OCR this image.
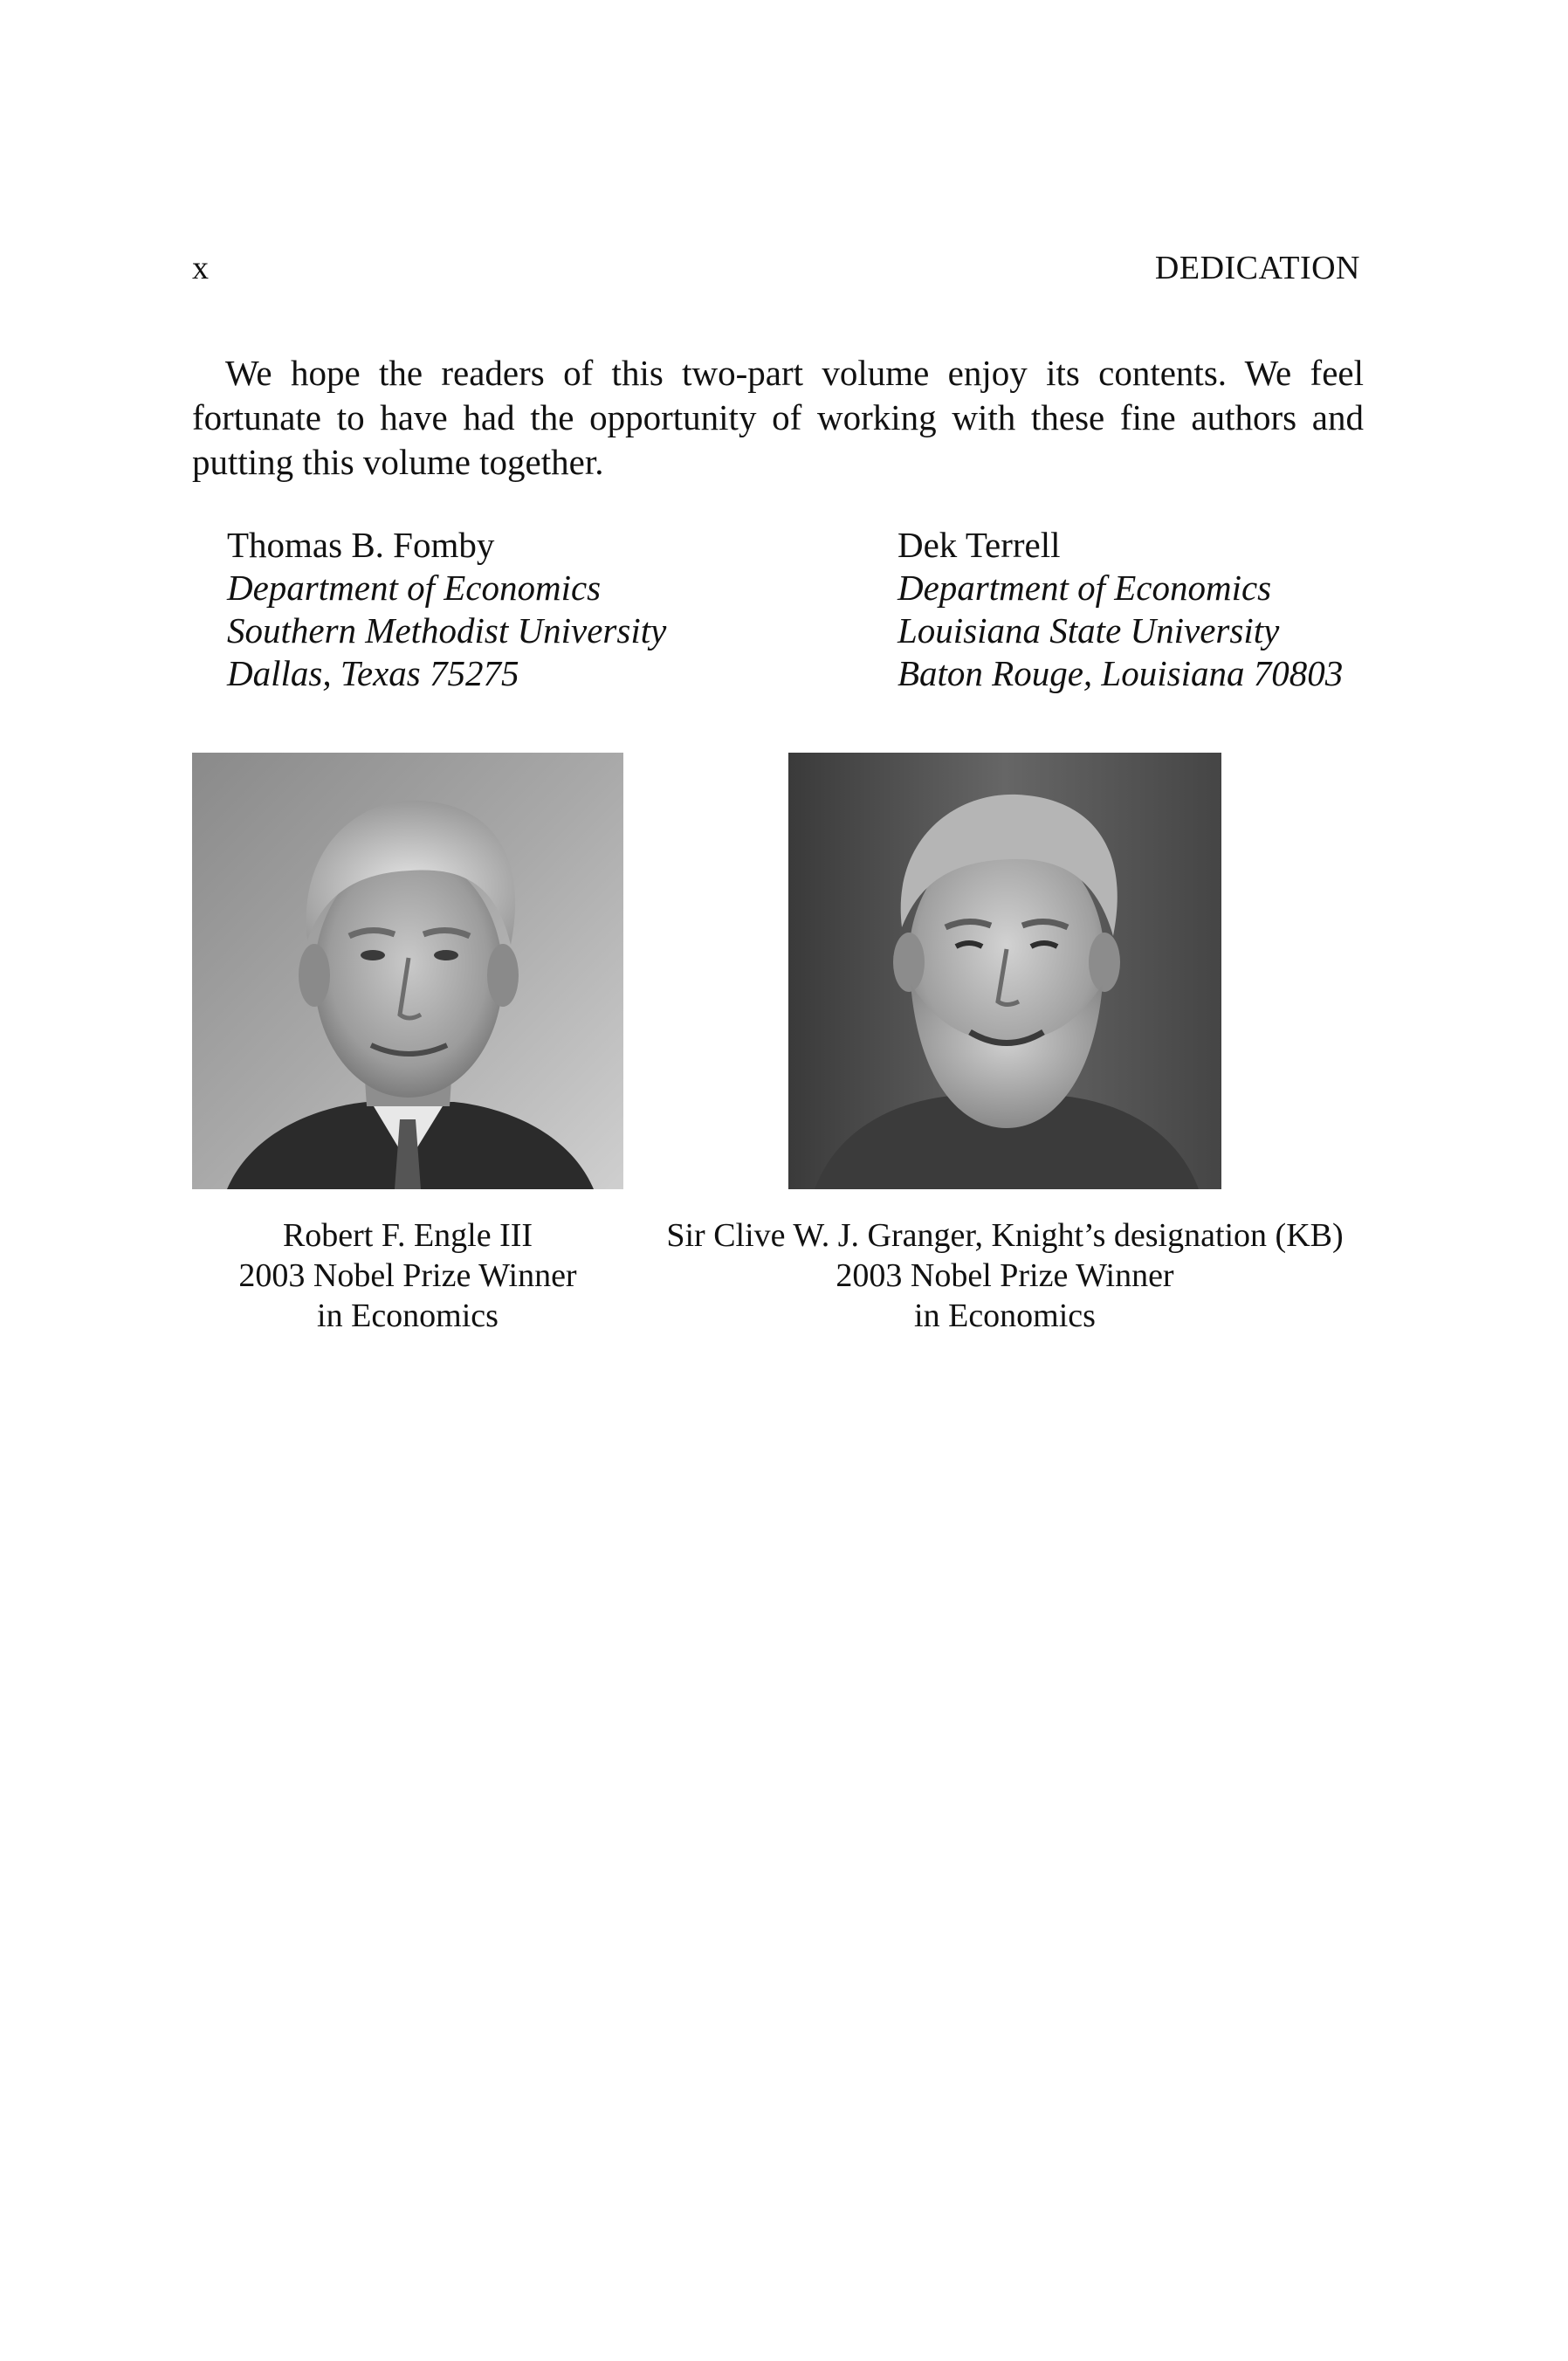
x	DEDICATION

We hope the readers of this two-part volume enjoy its contents. We feel fortunate to have had the opportunity of working with these fine authors and putting this volume together.

Thomas B. Fomby
Department of Economics
Southern Methodist University
Dallas, Texas 75275
Dek Terrell
Department of Economics
Louisiana State University
Baton Rouge, Louisiana 70803
Robert F. Engle III
2003 Nobel Prize Winner
in Economics
Sir Clive W. J. Granger, Knight’s designation (KB)
2003 Nobel Prize Winner
in Economics
